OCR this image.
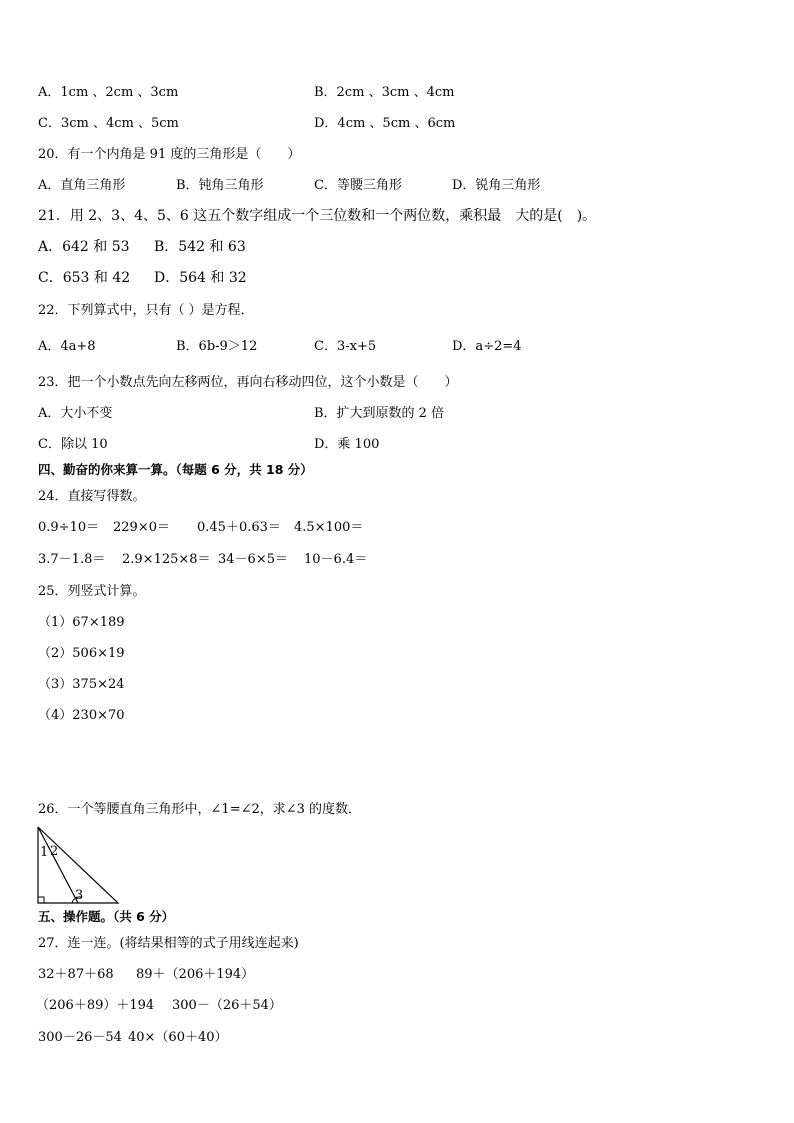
A．1cm 、2cm 、3cm	B．2cm 、3cm 、4cm
C．3cm 、4cm 、5cm	D．4cm 、5cm 、6cm
20．有一个内角是 91 度的三角形是（　　）
A．直角三角形	B．钝角三角形	C．等腰三角形	D．锐角三角形
21．用 2、3、4、5、6 这五个数字组成一个三位数和一个两位数，乘积最　大的是(　)。
A．642 和 53 B．542 和 63
C．653 和 42 D．564 和 32
22．下列算式中，只有（ ）是方程．
A．4a+8	B．6b-9＞12	C．3-x+5	D．a÷2=4
23．把一个小数点先向左移两位，再向右移动四位，这个小数是（　　）
A．大小不变	B．扩大到原数的 2 倍
C．除以 10	D．乘 100
四、勤奋的你来算一算。（每题 6 分，共 18 分）
24．直接写得数。
0.9÷10＝ 229×0＝ 0.45＋0.63＝ 4.5×100＝
3.7－1.8＝ 2.9×125×8＝ 34－6×5＝ 10－6.4＝
25．列竖式计算。
（1）67×189
（2）506×19
（3）375×24
（4）230×70
26．一个等腰直角三角形中，∠1=∠2，求∠3 的度数．
1 2
3
五、操作题。（共 6 分）
27．连一连。(将结果相等的式子用线连起来)
32＋87＋68 89＋（206＋194）
（206＋89）＋194 300－（26＋54）
300－26－54 40×（60＋40）
